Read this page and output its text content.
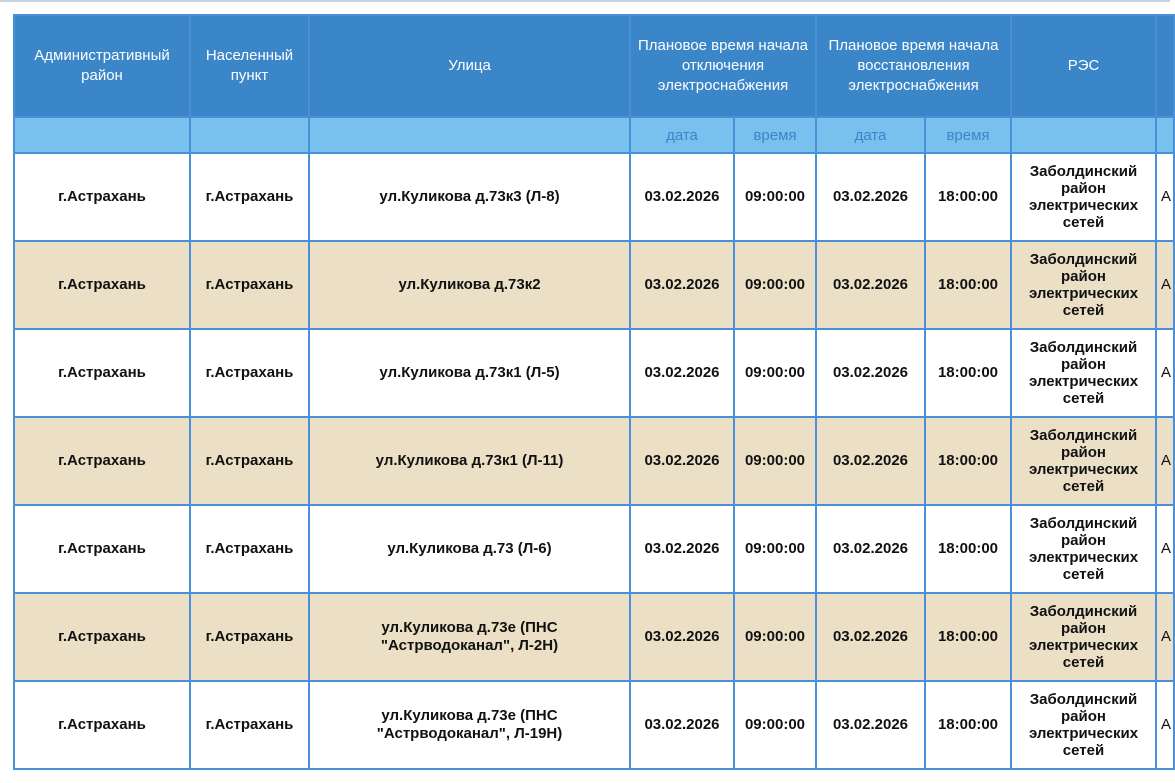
Административный район	Населенный пункт	Улица	Плановое время начала отключения электроснабжения		Плановое время начала восстановления электроснабжения		РЭС	
			дата	время	дата	время		
г.Астрахань	г.Астрахань	ул.Куликова д.73к3 (Л-8)	03.02.2026	09:00:00	03.02.2026	18:00:00	Заболдинский район электрических сетей	А
г.Астрахань	г.Астрахань	ул.Куликова д.73к2	03.02.2026	09:00:00	03.02.2026	18:00:00	Заболдинский район электрических сетей	А
г.Астрахань	г.Астрахань	ул.Куликова д.73к1 (Л-5)	03.02.2026	09:00:00	03.02.2026	18:00:00	Заболдинский район электрических сетей	А
г.Астрахань	г.Астрахань	ул.Куликова д.73к1 (Л-11)	03.02.2026	09:00:00	03.02.2026	18:00:00	Заболдинский район электрических сетей	А
г.Астрахань	г.Астрахань	ул.Куликова д.73 (Л-6)	03.02.2026	09:00:00	03.02.2026	18:00:00	Заболдинский район электрических сетей	А
г.Астрахань	г.Астрахань	ул.Куликова д.73е (ПНС "Астрводоканал", Л-2Н)	03.02.2026	09:00:00	03.02.2026	18:00:00	Заболдинский район электрических сетей	А
г.Астрахань	г.Астрахань	ул.Куликова д.73е (ПНС "Астрводоканал", Л-19Н)	03.02.2026	09:00:00	03.02.2026	18:00:00	Заболдинский район электрических сетей	А
